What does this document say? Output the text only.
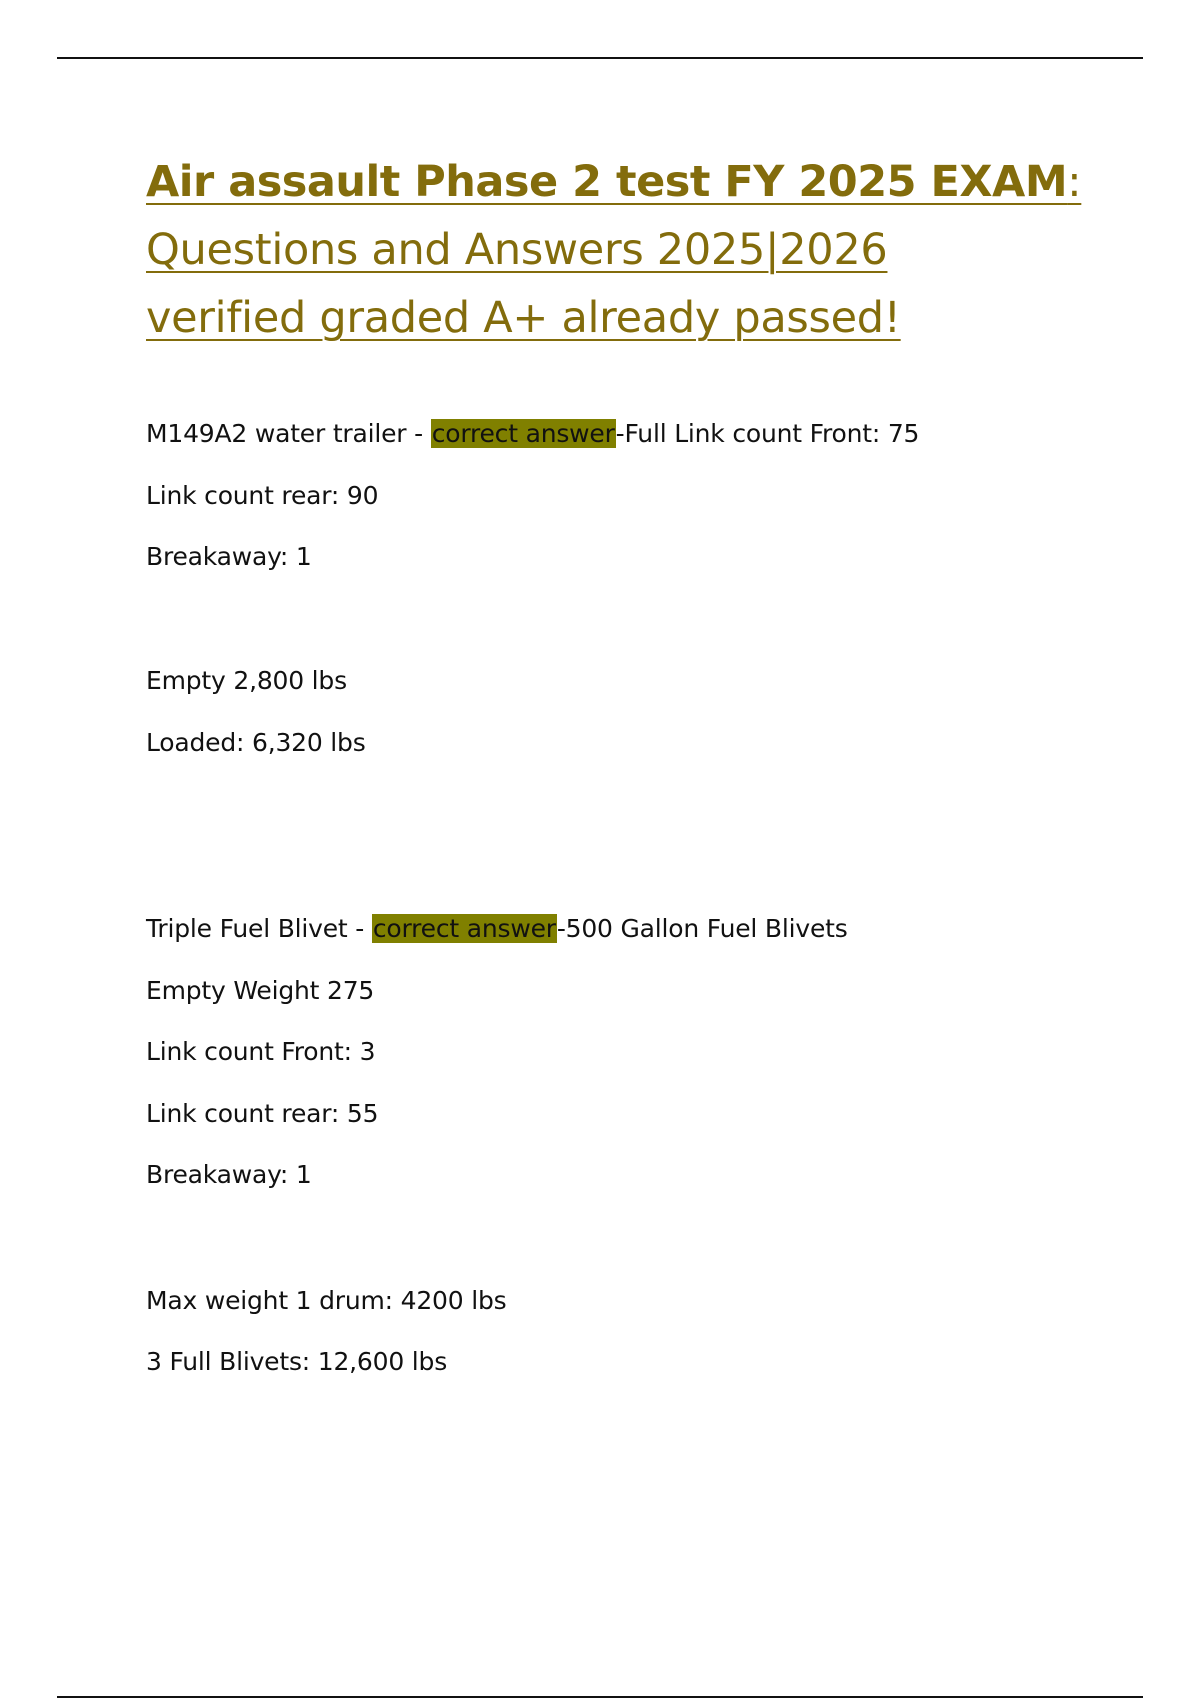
Air assault Phase 2 test FY 2025 EXAM:
Questions and Answers 2025|2026
verified graded A+ already passed!
M149A2 water trailer - correct answer-Full Link count Front: 75
Link count rear: 90
Breakaway: 1
Empty 2,800 lbs
Loaded: 6,320 lbs
Triple Fuel Blivet - correct answer-500 Gallon Fuel Blivets
Empty Weight 275
Link count Front: 3
Link count rear: 55
Breakaway: 1
Max weight 1 drum: 4200 lbs
3 Full Blivets: 12,600 lbs
